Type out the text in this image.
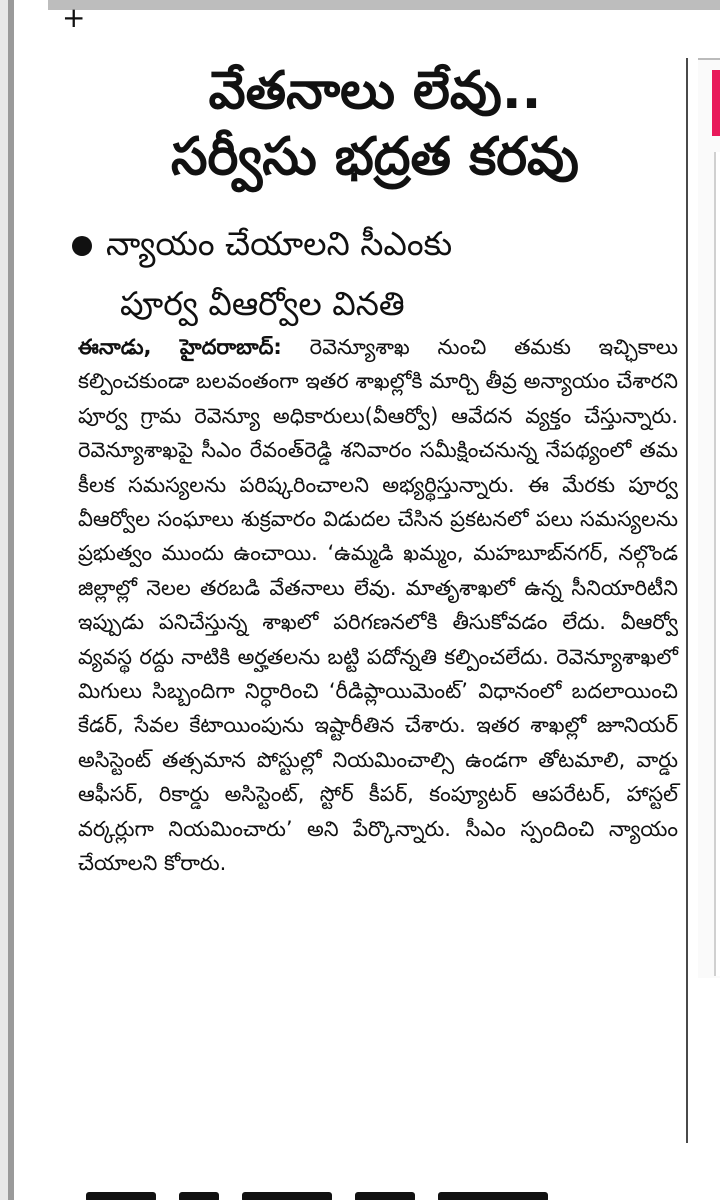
+
వేతనాలు లేవు..
సర్వీసు భద్రత కరవు
న్యాయం చేయాలని సీఎంకు
పూర్వ వీఆర్వోల వినతి
ఈనాడు, హైదరాబాద్: రెవెన్యూశాఖ నుంచి తమకు ఇచ్ఛికాలు కల్పించకుండా బలవంతంగా ఇతర శాఖల్లోకి మార్చి తీవ్ర అన్యాయం చేశారని పూర్వ గ్రామ రెవెన్యూ అధికారులు(వీఆర్వో) ఆవేదన వ్యక్తం చేస్తున్నారు. రెవెన్యూశాఖపై సీఎం రేవంత్‌రెడ్డి శనివారం సమీక్షించనున్న నేపథ్యంలో తమ కీలక సమస్యలను పరిష్కరించాలని అభ్యర్థిస్తున్నారు. ఈ మేరకు పూర్వ వీఆర్వోల సంఘాలు శుక్రవారం విడుదల చేసిన ప్రకటనలో పలు సమస్యలను ప్రభుత్వం ముందు ఉంచాయి. ‘ఉమ్మడి ఖమ్మం, మహబూబ్‌నగర్, నల్గొండ జిల్లాల్లో నెలల తరబడి వేతనాలు లేవు. మాతృశాఖలో ఉన్న సీనియారిటీని ఇప్పుడు పనిచేస్తున్న శాఖలో పరిగణనలోకి తీసుకోవడం లేదు. వీఆర్వో వ్యవస్థ రద్దు నాటికి అర్హతలను బట్టి పదోన్నతి కల్పించలేదు. రెవెన్యూశాఖలో మిగులు సిబ్బందిగా నిర్ధారించి ‘రీడిప్లాయిమెంట్’ విధానంలో బదలాయించి కేడర్, సేవల కేటాయింపును ఇష్టారీతిన చేశారు. ఇతర శాఖల్లో జూనియర్ అసిస్టెంట్ తత్సమాన పోస్టుల్లో నియమించాల్సి ఉండగా తోటమాలి, వార్డు ఆఫీసర్, రికార్డు అసిస్టెంట్, స్టోర్ కీపర్, కంప్యూటర్ ఆపరేటర్, హాస్టల్ వర్కర్లుగా నియమించారు’ అని పేర్కొన్నారు. సీఎం స్పందించి న్యాయం చేయాలని కోరారు.
